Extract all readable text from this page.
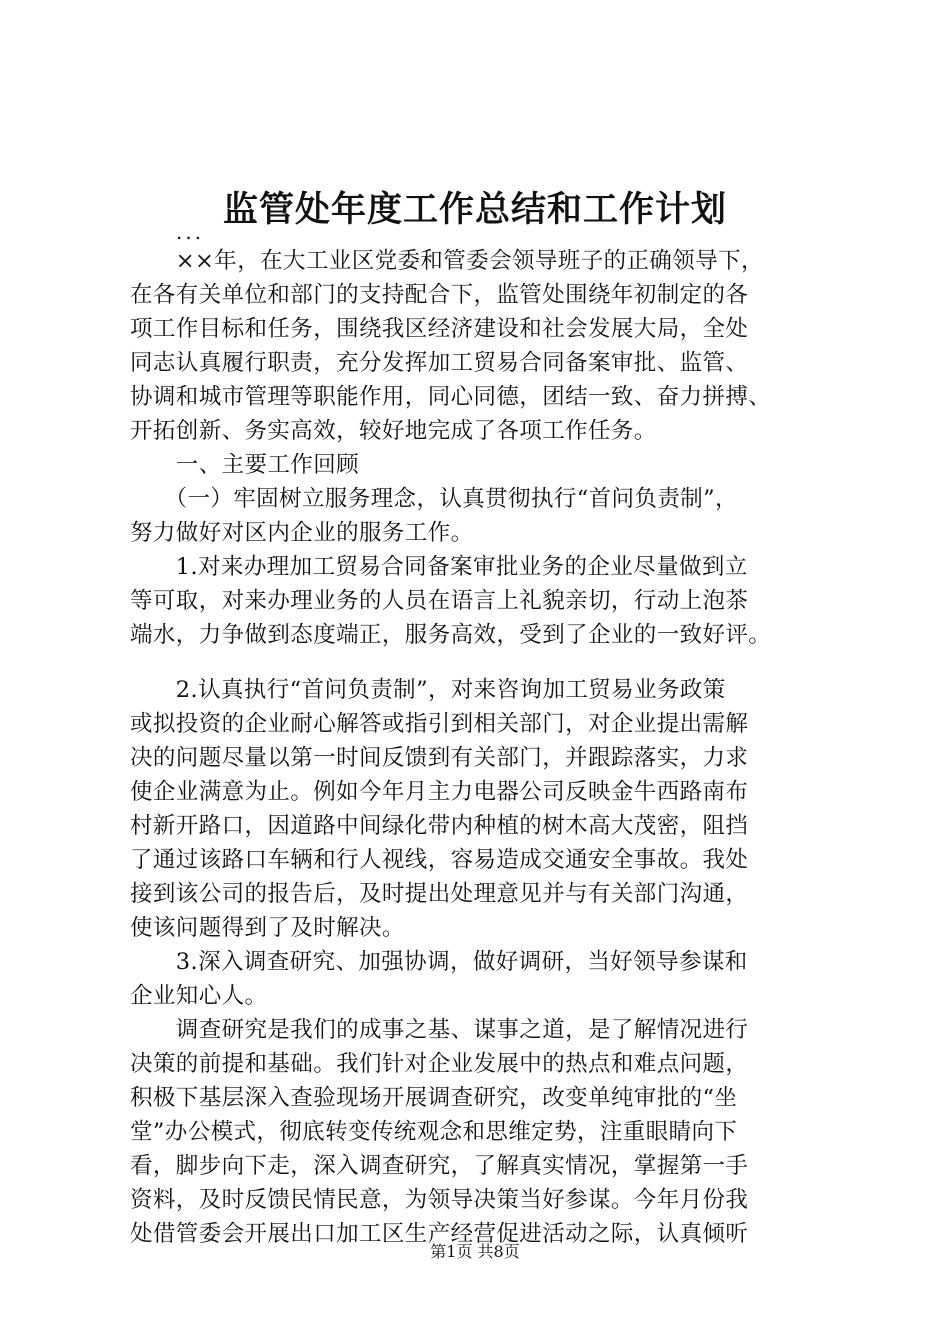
监管处年度工作总结和工作计划
...
　　××年，在大工业区党委和管委会领导班子的正确领导下，
在各有关单位和部门的支持配合下，监管处围绕年初制定的各
项工作目标和任务，围绕我区经济建设和社会发展大局，全处
同志认真履行职责，充分发挥加工贸易合同备案审批、监管、
协调和城市管理等职能作用，同心同德，团结一致、奋力拼搏、
开拓创新、务实高效，较好地完成了各项工作任务。
　　一、主要工作回顾
　　（一）牢固树立服务理念，认真贯彻执行“首问负责制”，
努力做好对区内企业的服务工作。
　　1.对来办理加工贸易合同备案审批业务的企业尽量做到立
等可取，对来办理业务的人员在语言上礼貌亲切，行动上泡茶
端水，力争做到态度端正，服务高效，受到了企业的一致好评。
　　2.认真执行“首问负责制”，对来咨询加工贸易业务政策
或拟投资的企业耐心解答或指引到相关部门，对企业提出需解
决的问题尽量以第一时间反馈到有关部门，并跟踪落实，力求
使企业满意为止。例如今年月主力电器公司反映金牛西路南布
村新开路口，因道路中间绿化带内种植的树木高大茂密，阻挡
了通过该路口车辆和行人视线，容易造成交通安全事故。我处
接到该公司的报告后，及时提出处理意见并与有关部门沟通，
使该问题得到了及时解决。
　　3.深入调查研究、加强协调，做好调研，当好领导参谋和
企业知心人。
　　调查研究是我们的成事之基、谋事之道，是了解情况进行
决策的前提和基础。我们针对企业发展中的热点和难点问题，
积极下基层深入查验现场开展调查研究，改变单纯审批的“坐
堂”办公模式，彻底转变传统观念和思维定势，注重眼睛向下
看，脚步向下走，深入调查研究，了解真实情况，掌握第一手
资料，及时反馈民情民意，为领导决策当好参谋。今年月份我
处借管委会开展出口加工区生产经营促进活动之际，认真倾听
第1页 共8页
